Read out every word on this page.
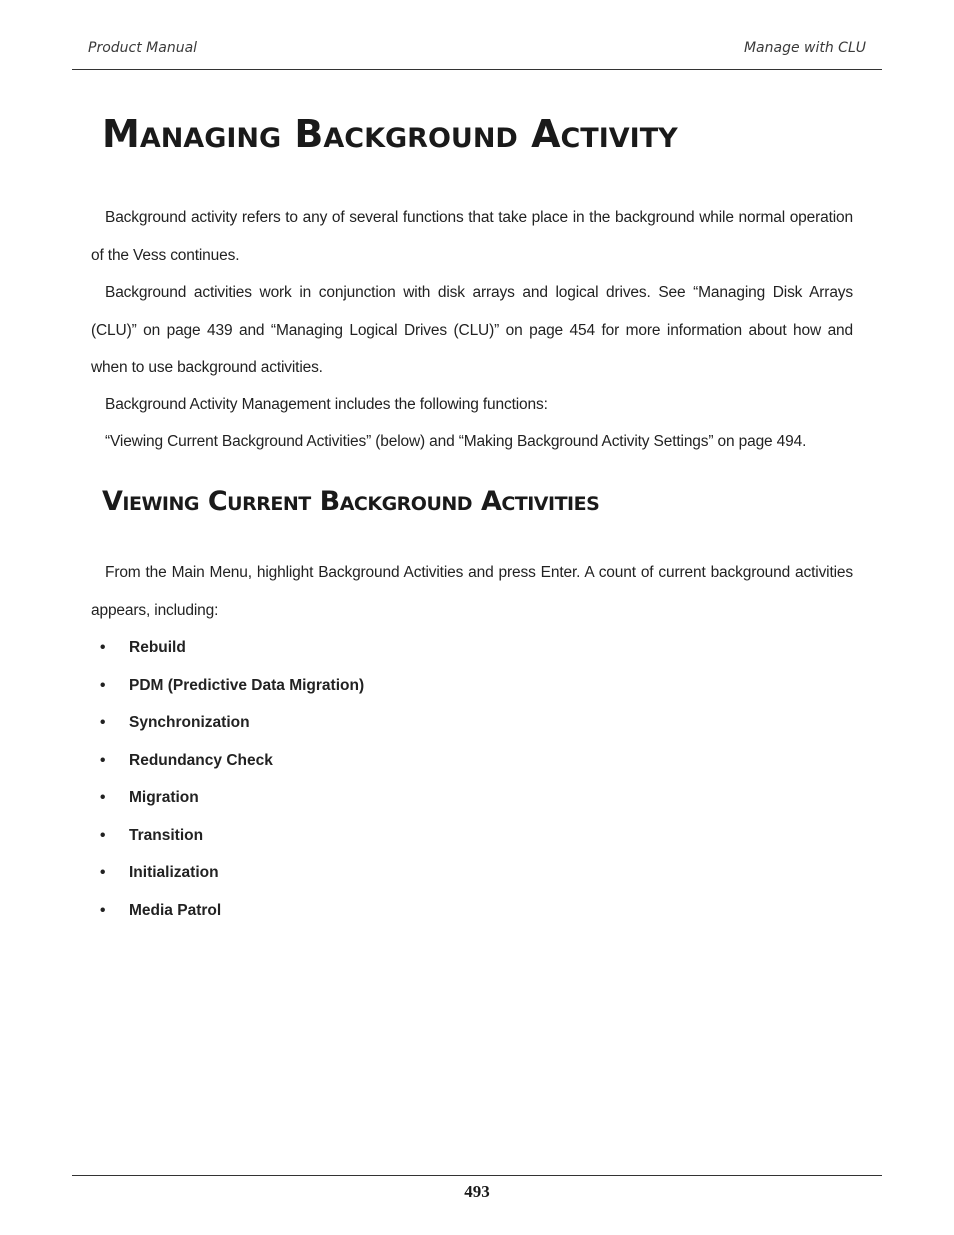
Product Manual	Manage with CLU
Managing Background Activity
Background activity refers to any of several functions that take place in the background while normal operation of the Vess continues.
Background activities work in conjunction with disk arrays and logical drives. See “Managing Disk Arrays (CLU)” on page 439 and “Managing Logical Drives (CLU)” on page 454 for more information about how and when to use background activities.
Background Activity Management includes the following functions:
“Viewing Current Background Activities” (below) and “Making Background Activity Settings” on page 494.
Viewing Current Background Activities
From the Main Menu, highlight Background Activities and press Enter. A count of current background activities appears, including:
• Rebuild
• PDM (Predictive Data Migration)
• Synchronization
• Redundancy Check
• Migration
• Transition
• Initialization
• Media Patrol
493
